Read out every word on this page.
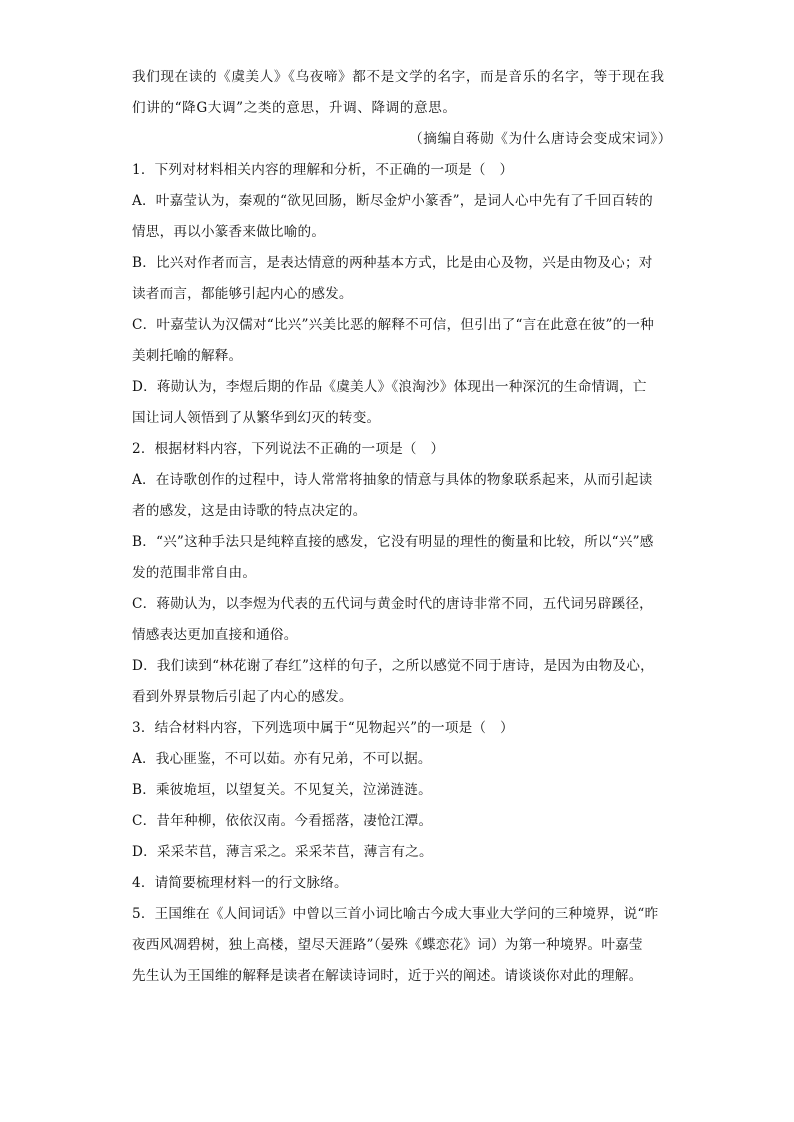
我们现在读的《虞美人》《乌夜啼》都不是文学的名字，而是音乐的名字，等于现在我
们讲的“降G大调”之类的意思，升调、降调的意思。
（摘编自蒋勋《为什么唐诗会变成宋词》）
1．下列对材料相关内容的理解和分析，不正确的一项是（　）
A．叶嘉莹认为，秦观的“欲见回肠，断尽金炉小篆香”，是词人心中先有了千回百转的
情思，再以小篆香来做比喻的。
B．比兴对作者而言，是表达情意的两种基本方式，比是由心及物，兴是由物及心；对
读者而言，都能够引起内心的感发。
C．叶嘉莹认为汉儒对“比兴”兴美比恶的解释不可信，但引出了“言在此意在彼”的一种
美刺托喻的解释。
D．蒋勋认为，李煜后期的作品《虞美人》《浪淘沙》体现出一种深沉的生命情调，亡
国让词人领悟到了从繁华到幻灭的转变。
2．根据材料内容，下列说法不正确的一项是（　）
A．在诗歌创作的过程中，诗人常常将抽象的情意与具体的物象联系起来，从而引起读
者的感发，这是由诗歌的特点决定的。
B．“兴”这种手法只是纯粹直接的感发，它没有明显的理性的衡量和比较，所以“兴”感
发的范围非常自由。
C．蒋勋认为，以李煜为代表的五代词与黄金时代的唐诗非常不同，五代词另辟蹊径，
情感表达更加直接和通俗。
D．我们读到“林花谢了春红”这样的句子，之所以感觉不同于唐诗，是因为由物及心，
看到外界景物后引起了内心的感发。
3．结合材料内容，下列选项中属于“见物起兴”的一项是（　）
A．我心匪鉴，不可以茹。亦有兄弟，不可以据。
B．乘彼垝垣，以望复关。不见复关，泣涕涟涟。
C．昔年种柳，依依汉南。今看摇落，凄怆江潭。
D．采采芣苢，薄言采之。采采芣苢，薄言有之。
4．请简要梳理材料一的行文脉络。
5．王国维在《人间词话》中曾以三首小词比喻古今成大事业大学问的三种境界，说“昨
夜西风凋碧树，独上高楼，望尽天涯路”（晏殊《蝶恋花》词）为第一种境界。叶嘉莹
先生认为王国维的解释是读者在解读诗词时，近于兴的阐述。请谈谈你对此的理解。
